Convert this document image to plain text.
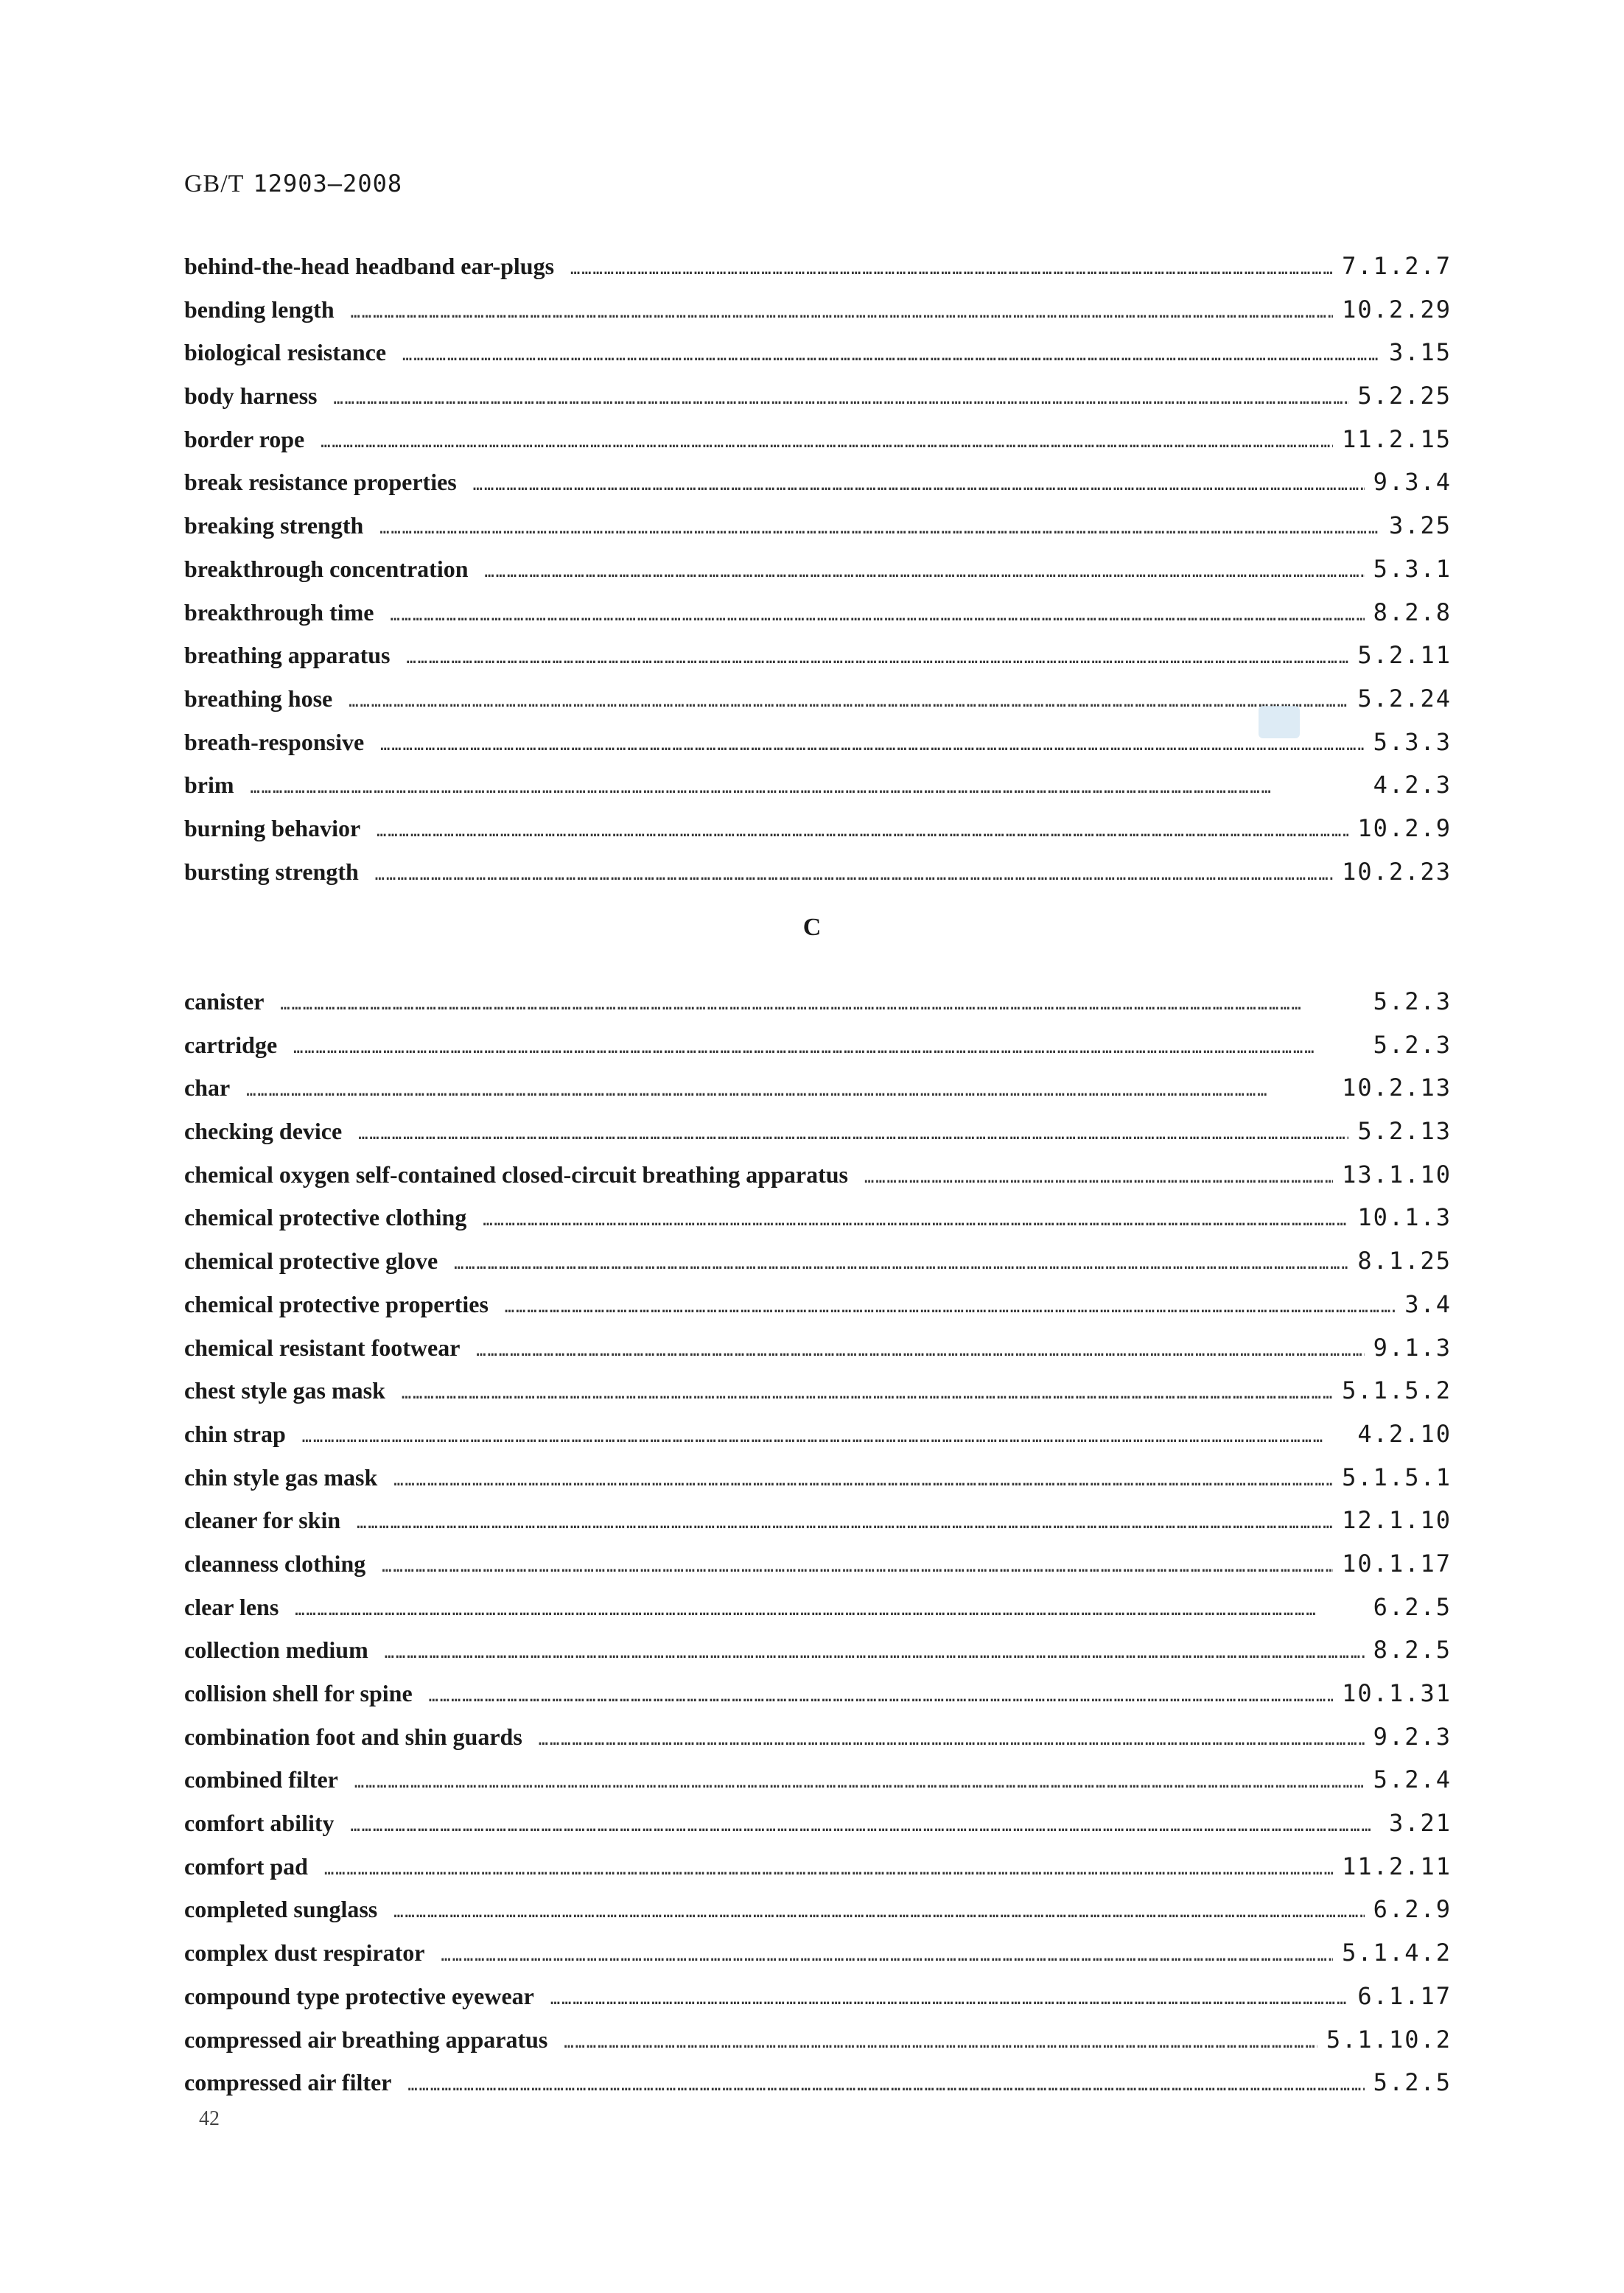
GB/T 12903—2008
behind-the-head headband ear-plugs …………………………………………………………………………………………………………………………………………………………………………………………………………………………………………………	7.1.2.7
bending length …………………………………………………………………………………………………………………………………………………………………………………………………………………………………………………	10.2.29
biological resistance …………………………………………………………………………………………………………………………………………………………………………………………………………………………………………………	3.15
body harness …………………………………………………………………………………………………………………………………………………………………………………………………………………………………………………	5.2.25
border rope …………………………………………………………………………………………………………………………………………………………………………………………………………………………………………………	11.2.15
break resistance properties …………………………………………………………………………………………………………………………………………………………………………………………………………………………………………………	9.3.4
breaking strength …………………………………………………………………………………………………………………………………………………………………………………………………………………………………………………	3.25
breakthrough concentration …………………………………………………………………………………………………………………………………………………………………………………………………………………………………………………	5.3.1
breakthrough time …………………………………………………………………………………………………………………………………………………………………………………………………………………………………………………	8.2.8
breathing apparatus …………………………………………………………………………………………………………………………………………………………………………………………………………………………………………………	5.2.11
breathing hose …………………………………………………………………………………………………………………………………………………………………………………………………………………………………………………	5.2.24
breath-responsive …………………………………………………………………………………………………………………………………………………………………………………………………………………………………………………	5.3.3
brim …………………………………………………………………………………………………………………………………………………………………………………………………………………………………………………	4.2.3
burning behavior …………………………………………………………………………………………………………………………………………………………………………………………………………………………………………………	10.2.9
bursting strength …………………………………………………………………………………………………………………………………………………………………………………………………………………………………………………	10.2.23
C
canister …………………………………………………………………………………………………………………………………………………………………………………………………………………………………………………	5.2.3
cartridge …………………………………………………………………………………………………………………………………………………………………………………………………………………………………………………	5.2.3
char …………………………………………………………………………………………………………………………………………………………………………………………………………………………………………………	10.2.13
checking device …………………………………………………………………………………………………………………………………………………………………………………………………………………………………………………	5.2.13
chemical oxygen self-contained closed-circuit breathing apparatus …………………………………………………………………………………………………………………………………………………………………………………………………………………………………………………	13.1.10
chemical protective clothing …………………………………………………………………………………………………………………………………………………………………………………………………………………………………………………	10.1.3
chemical protective glove …………………………………………………………………………………………………………………………………………………………………………………………………………………………………………………	8.1.25
chemical protective properties …………………………………………………………………………………………………………………………………………………………………………………………………………………………………………………	3.4
chemical resistant footwear …………………………………………………………………………………………………………………………………………………………………………………………………………………………………………………	9.1.3
chest style gas mask …………………………………………………………………………………………………………………………………………………………………………………………………………………………………………………	5.1.5.2
chin strap …………………………………………………………………………………………………………………………………………………………………………………………………………………………………………………	4.2.10
chin style gas mask …………………………………………………………………………………………………………………………………………………………………………………………………………………………………………………	5.1.5.1
cleaner for skin …………………………………………………………………………………………………………………………………………………………………………………………………………………………………………………	12.1.10
cleanness clothing …………………………………………………………………………………………………………………………………………………………………………………………………………………………………………………	10.1.17
clear lens …………………………………………………………………………………………………………………………………………………………………………………………………………………………………………………	6.2.5
collection medium …………………………………………………………………………………………………………………………………………………………………………………………………………………………………………………	8.2.5
collision shell for spine …………………………………………………………………………………………………………………………………………………………………………………………………………………………………………………	10.1.31
combination foot and shin guards …………………………………………………………………………………………………………………………………………………………………………………………………………………………………………………	9.2.3
combined filter …………………………………………………………………………………………………………………………………………………………………………………………………………………………………………………	5.2.4
comfort ability …………………………………………………………………………………………………………………………………………………………………………………………………………………………………………………	3.21
comfort pad …………………………………………………………………………………………………………………………………………………………………………………………………………………………………………………	11.2.11
completed sunglass …………………………………………………………………………………………………………………………………………………………………………………………………………………………………………………	6.2.9
complex dust respirator …………………………………………………………………………………………………………………………………………………………………………………………………………………………………………………	5.1.4.2
compound type protective eyewear …………………………………………………………………………………………………………………………………………………………………………………………………………………………………………………	6.1.17
compressed air breathing apparatus …………………………………………………………………………………………………………………………………………………………………………………………………………………………………………………	5.1.10.2
compressed air filter …………………………………………………………………………………………………………………………………………………………………………………………………………………………………………………	5.2.5
42
